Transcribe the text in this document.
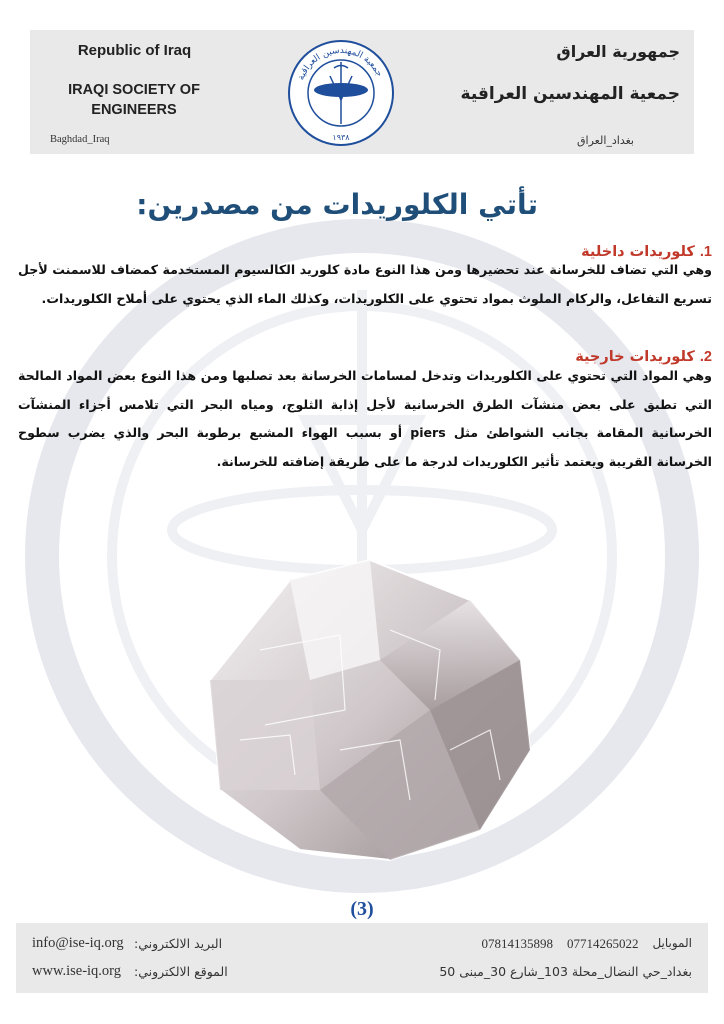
Republic of Iraq
IRAQI SOCIETY OF
ENGINEERS
Baghdad_Iraq
جمعية المهندسين العراقية
١٩٣٨
جمهورية العراق
جمعية المهندسين العراقية
بغداد_العراق
تأتي الكلوريدات من مصدرين:
1. كلوريدات داخلية
وهي التي تضاف للخرسانة عند تحضيرها ومن هذا النوع مادة كلوريد الكالسيوم المستخدمة كمضاف للاسمنت لأجل تسريع التفاعل، والركام الملوث بمواد تحتوي على الكلوريدات، وكذلك الماء الذي يحتوي على أملاح الكلوريدات.
2. كلوريدات خارجية
وهي المواد التي تحتوي على الكلوريدات وتدخل لمسامات الخرسانة بعد تصلبها ومن هذا النوع بعض المواد المالحة التي تطبق على بعض منشآت الطرق الخرسانية لأجل إذابة الثلوج، ومياه البحر التي تلامس أجزاء المنشآت الخرسانية المقامة بجانب الشواطئ مثل piers أو بسبب الهواء المشبع برطوبة البحر والذي يضرب سطوح الخرسانة القريبة ويعتمد تأثير الكلوريدات لدرجة ما على طريقة إضافته للخرسانة.
(3)
info@ise-iq.org البريد الالكتروني:
www.ise-iq.org الموقع الالكتروني:
الموبايل
07714265022
07814135898
بغداد_حي النضال_محلة 103_شارع 30_مبنى 50
